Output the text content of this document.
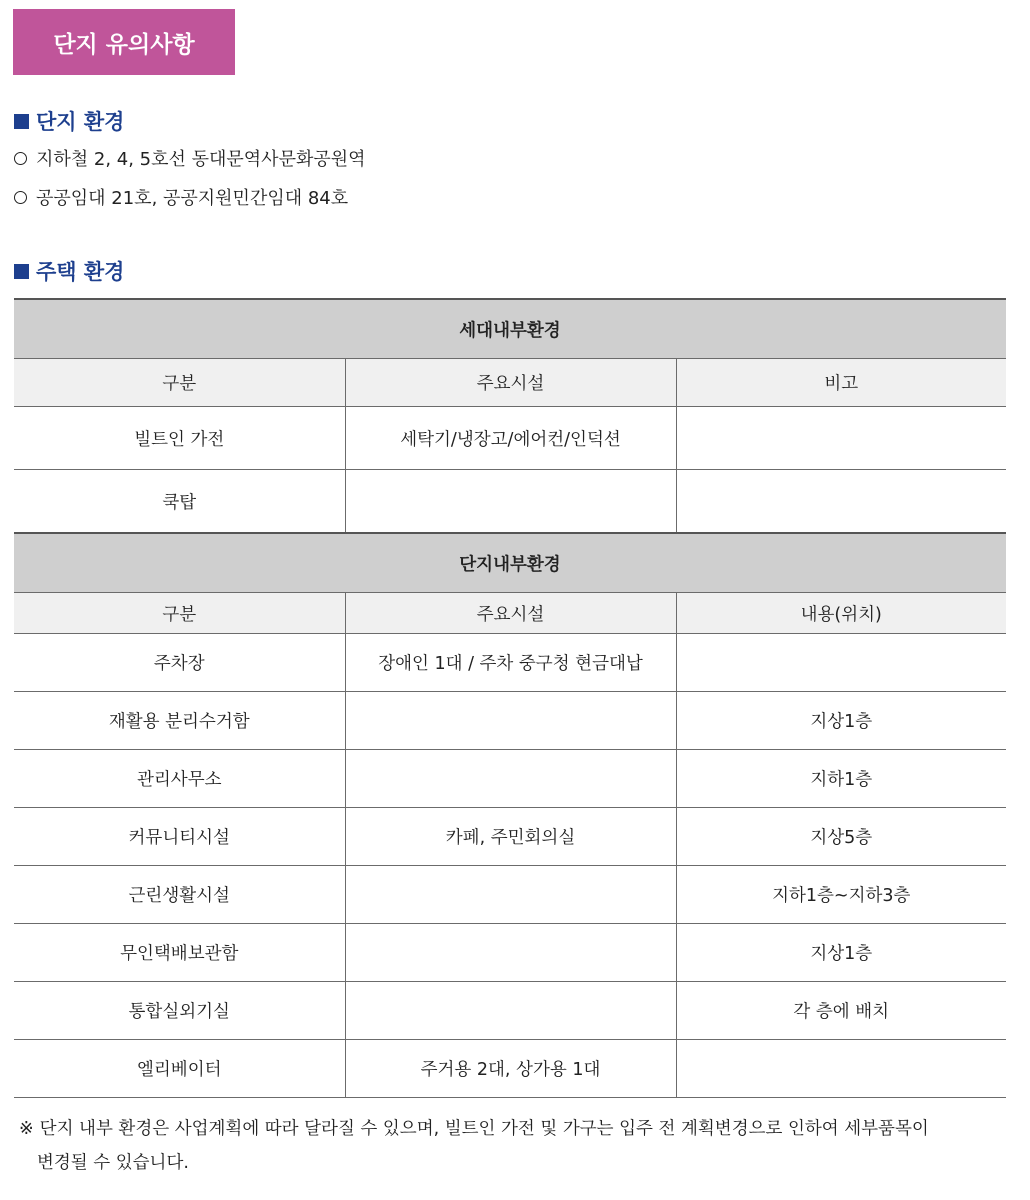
단지 유의사항
단지 환경
지하철 2, 4, 5호선 동대문역사문화공원역
공공임대 21호, 공공지원민간임대 84호
주택 환경
세대내부환경		
구분	주요시설	비고
빌트인 가전	세탁기/냉장고/에어컨/인덕션	
쿡탑		
단지내부환경		
구분	주요시설	내용(위치)
주차장	장애인 1대 / 주차 중구청 현금대납	
재활용 분리수거함		지상1층
관리사무소		지하1층
커뮤니티시설	카페, 주민회의실	지상5층
근린생활시설		지하1층~지하3층
무인택배보관함		지상1층
통합실외기실		각 층에 배치
엘리베이터	주거용 2대, 상가용 1대	
※ 단지 내부 환경은 사업계획에 따라 달라질 수 있으며, 빌트인 가전 및 가구는 입주 전 계획변경으로 인하여 세부품목이
변경될 수 있습니다.
